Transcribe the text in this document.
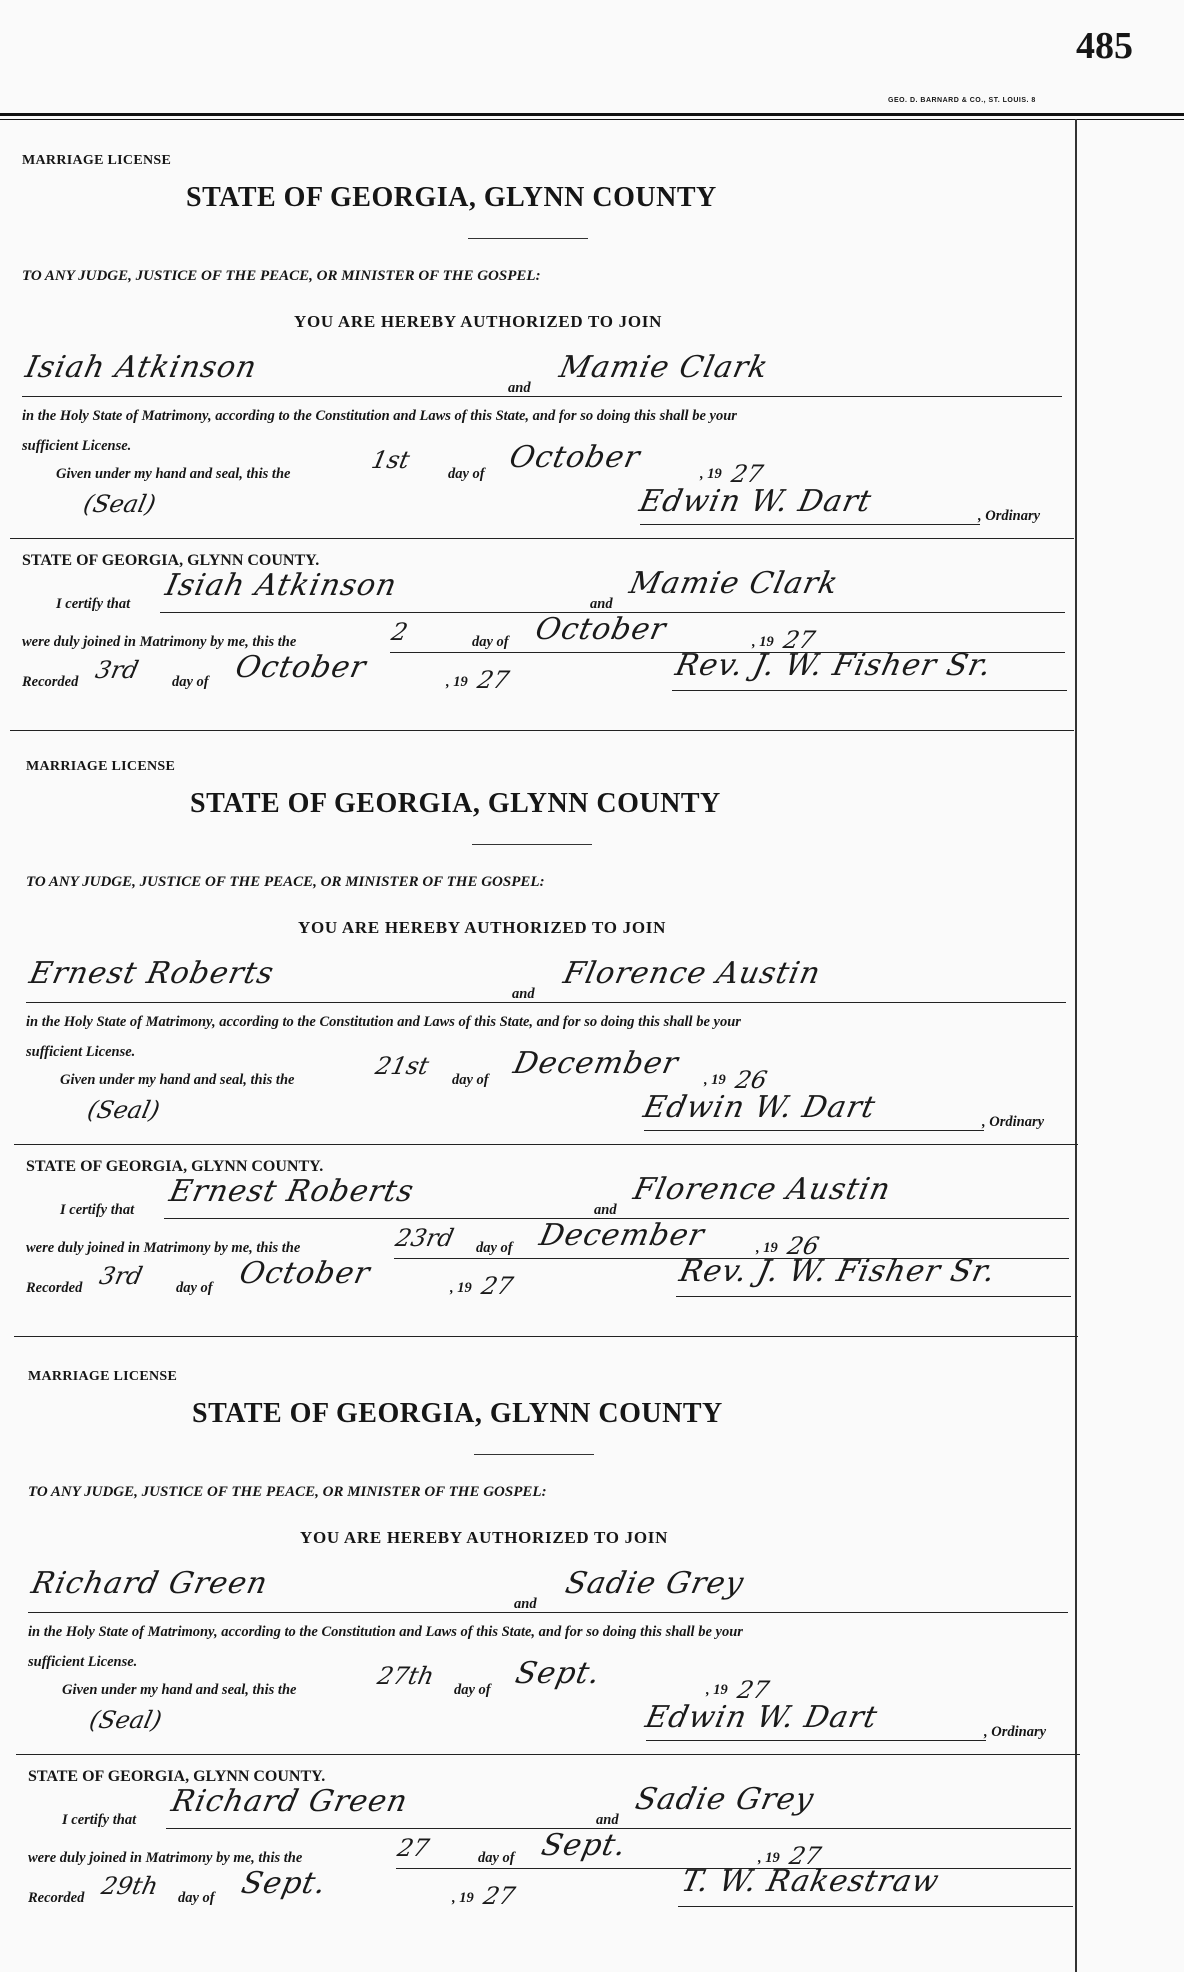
485
GEO. D. BARNARD & CO., ST. LOUIS. 8
MARRIAGE LICENSE
STATE OF GEORGIA, GLYNN COUNTY
TO ANY JUDGE, JUSTICE OF THE PEACE, OR MINISTER OF THE GOSPEL:
YOU ARE HEREBY AUTHORIZED TO JOIN
Isiah Atkinson
and
Mamie Clark
in the Holy State of Matrimony, according to the Constitution and Laws of this State, and for so doing this shall be your
sufficient License.
Given under my hand and seal, this the	1st day of October	, 19 27
(Seal)	Edwin W. Dart	, Ordinary
STATE OF GEORGIA, GLYNN COUNTY.
I certify that
Isiah Atkinson
and
Mamie Clark
were duly joined in Matrimony by me, this the	2	day of October	, 19 27
Recorded 3rd day of October	, 19 27	Rev. J. W. Fisher Sr.
MARRIAGE LICENSE
STATE OF GEORGIA, GLYNN COUNTY
TO ANY JUDGE, JUSTICE OF THE PEACE, OR MINISTER OF THE GOSPEL:
YOU ARE HEREBY AUTHORIZED TO JOIN
Ernest Roberts
and
Florence Austin
in the Holy State of Matrimony, according to the Constitution and Laws of this State, and for so doing this shall be your
sufficient License.
Given under my hand and seal, this the	21st day of December , 19 26
(Seal)	Edwin W. Dart	, Ordinary
STATE OF GEORGIA, GLYNN COUNTY.
I certify that
Ernest Roberts
and
Florence Austin
were duly joined in Matrimony by me, this the	23rd day of December	, 19 26
Recorded 3rd day of October	, 19 27	Rev. J. W. Fisher Sr.
MARRIAGE LICENSE
STATE OF GEORGIA, GLYNN COUNTY
TO ANY JUDGE, JUSTICE OF THE PEACE, OR MINISTER OF THE GOSPEL:
YOU ARE HEREBY AUTHORIZED TO JOIN
Richard Green
and
Sadie Grey
in the Holy State of Matrimony, according to the Constitution and Laws of this State, and for so doing this shall be your
sufficient License.
Given under my hand and seal, this the	27th day of Sept.	, 19 27
(Seal)	Edwin W. Dart	, Ordinary
STATE OF GEORGIA, GLYNN COUNTY.
I certify that
Richard Green
and
Sadie Grey
were duly joined in Matrimony by me, this the	27	day of Sept.	, 19 27
Recorded 29th day of Sept.	, 19 27	T. W. Rakestraw
